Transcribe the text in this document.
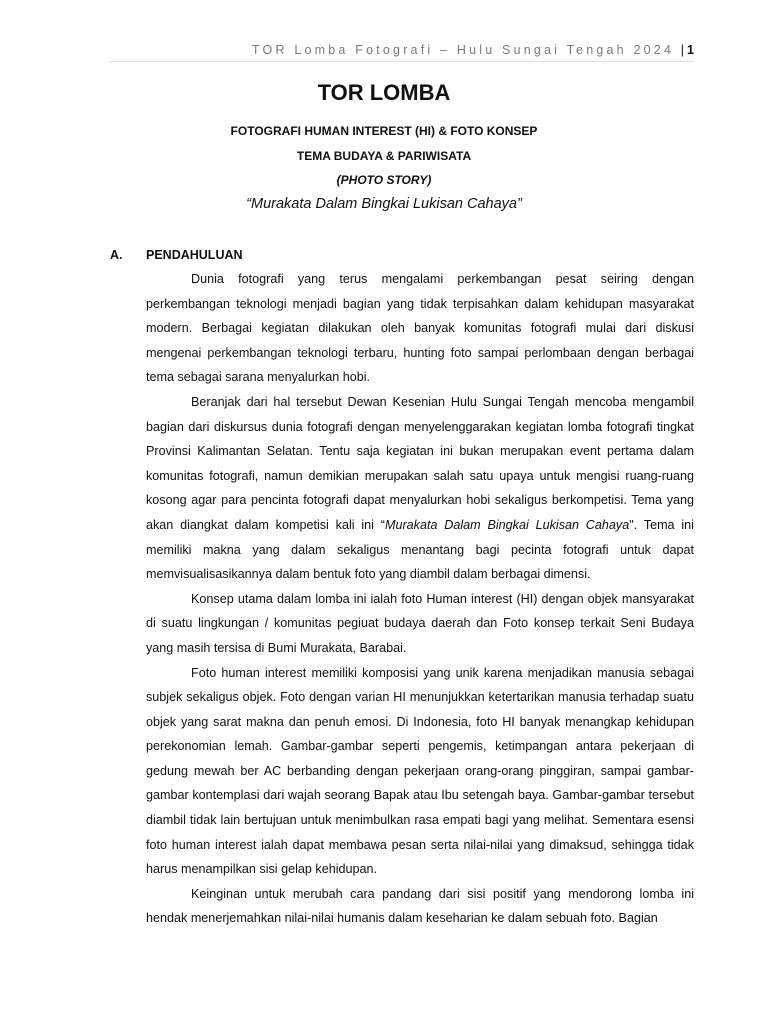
TOR Lomba Fotografi – Hulu Sungai Tengah 2024 | 1
TOR LOMBA
FOTOGRAFI HUMAN INTEREST (HI) & FOTO KONSEP
TEMA BUDAYA & PARIWISATA
(PHOTO STORY)
“Murakata Dalam Bingkai Lukisan Cahaya”
A. PENDAHULUAN

Dunia fotografi yang terus mengalami perkembangan pesat seiring dengan perkembangan teknologi menjadi bagian yang tidak terpisahkan dalam kehidupan masyarakat modern. Berbagai kegiatan dilakukan oleh banyak komunitas fotografi mulai dari diskusi mengenai perkembangan teknologi terbaru, hunting foto sampai perlombaan dengan berbagai tema sebagai sarana menyalurkan hobi.

Beranjak dari hal tersebut Dewan Kesenian Hulu Sungai Tengah mencoba mengambil bagian dari diskursus dunia fotografi dengan menyelenggarakan kegiatan lomba fotografi tingkat Provinsi Kalimantan Selatan. Tentu saja kegiatan ini bukan merupakan event pertama dalam komunitas fotografi, namun demikian merupakan salah satu upaya untuk mengisi ruang-ruang kosong agar para pencinta fotografi dapat menyalurkan hobi sekaligus berkompetisi. Tema yang akan diangkat dalam kompetisi kali ini “Murakata Dalam Bingkai Lukisan Cahaya". Tema ini memiliki makna yang dalam sekaligus menantang bagi pecinta fotografi untuk dapat memvisualisasikannya dalam bentuk foto yang diambil dalam berbagai dimensi.

Konsep utama dalam lomba ini ialah foto Human interest (HI) dengan objek mansyarakat di suatu lingkungan / komunitas pegiuat budaya daerah dan Foto konsep terkait Seni Budaya yang masih tersisa di Bumi Murakata, Barabai.

Foto human interest memiliki komposisi yang unik karena menjadikan manusia sebagai subjek sekaligus objek. Foto dengan varian HI menunjukkan ketertarikan manusia terhadap suatu objek yang sarat makna dan penuh emosi. Di Indonesia, foto HI banyak menangkap kehidupan perekonomian lemah. Gambar-gambar seperti pengemis, ketimpangan antara pekerjaan di gedung mewah ber AC berbanding dengan pekerjaan orang-orang pinggiran, sampai gambar-gambar kontemplasi dari wajah seorang Bapak atau Ibu setengah baya. Gambar-gambar tersebut diambil tidak lain bertujuan untuk menimbulkan rasa empati bagi yang melihat. Sementara esensi foto human interest ialah dapat membawa pesan serta nilai-nilai yang dimaksud, sehingga tidak harus menampilkan sisi gelap kehidupan.

Keinginan untuk merubah cara pandang dari sisi positif yang mendorong lomba ini hendak menerjemahkan nilai-nilai humanis dalam keseharian ke dalam sebuah foto. Bagian
